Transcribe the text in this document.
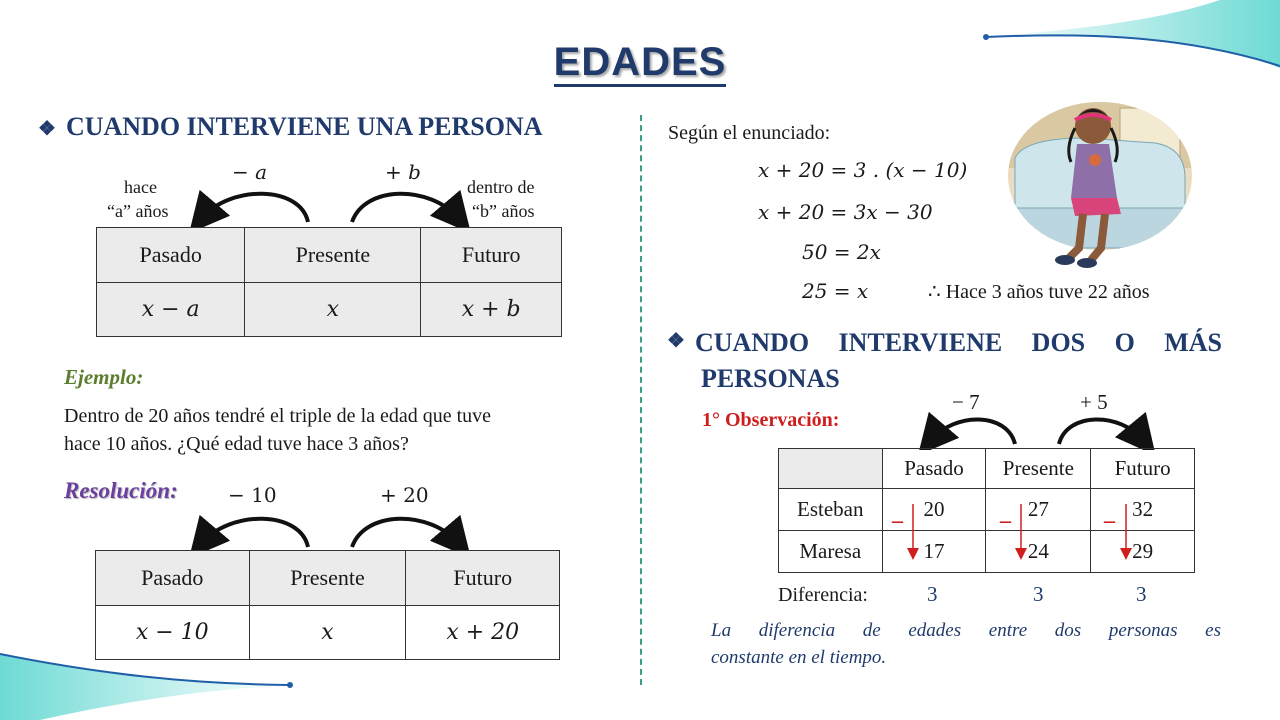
EDADES
❖ CUANDO INTERVIENE UNA PERSONA
− a	+ b
hace
“a” años
dentro de
“b” años
Pasado	Presente	Futuro
x − a	x	x + b
Ejemplo:
Dentro de 20 años tendré el triple de la edad que tuve
hace 10 años. ¿Qué edad tuve hace 3 años?
Resolución:	− 10	+ 20
Pasado	Presente	Futuro
x − 10	x	x + 20
Según el enunciado:
x + 20 = 3 . (x − 10)
x + 20 = 3x − 30
50 = 2x
25 = x	∴ Hace 3 años tuve 22 años
❖ CUANDO INTERVIENE DOS O MÁS
PERSONAS
1° Observación:
− 7	+ 5
	Pasado	Presente	Futuro
Esteban	20	27	32
Maresa	17	24	29
_	_	_
Diferencia:	3	3	3
La diferencia de edades entre dos personas es
constante en el tiempo.
